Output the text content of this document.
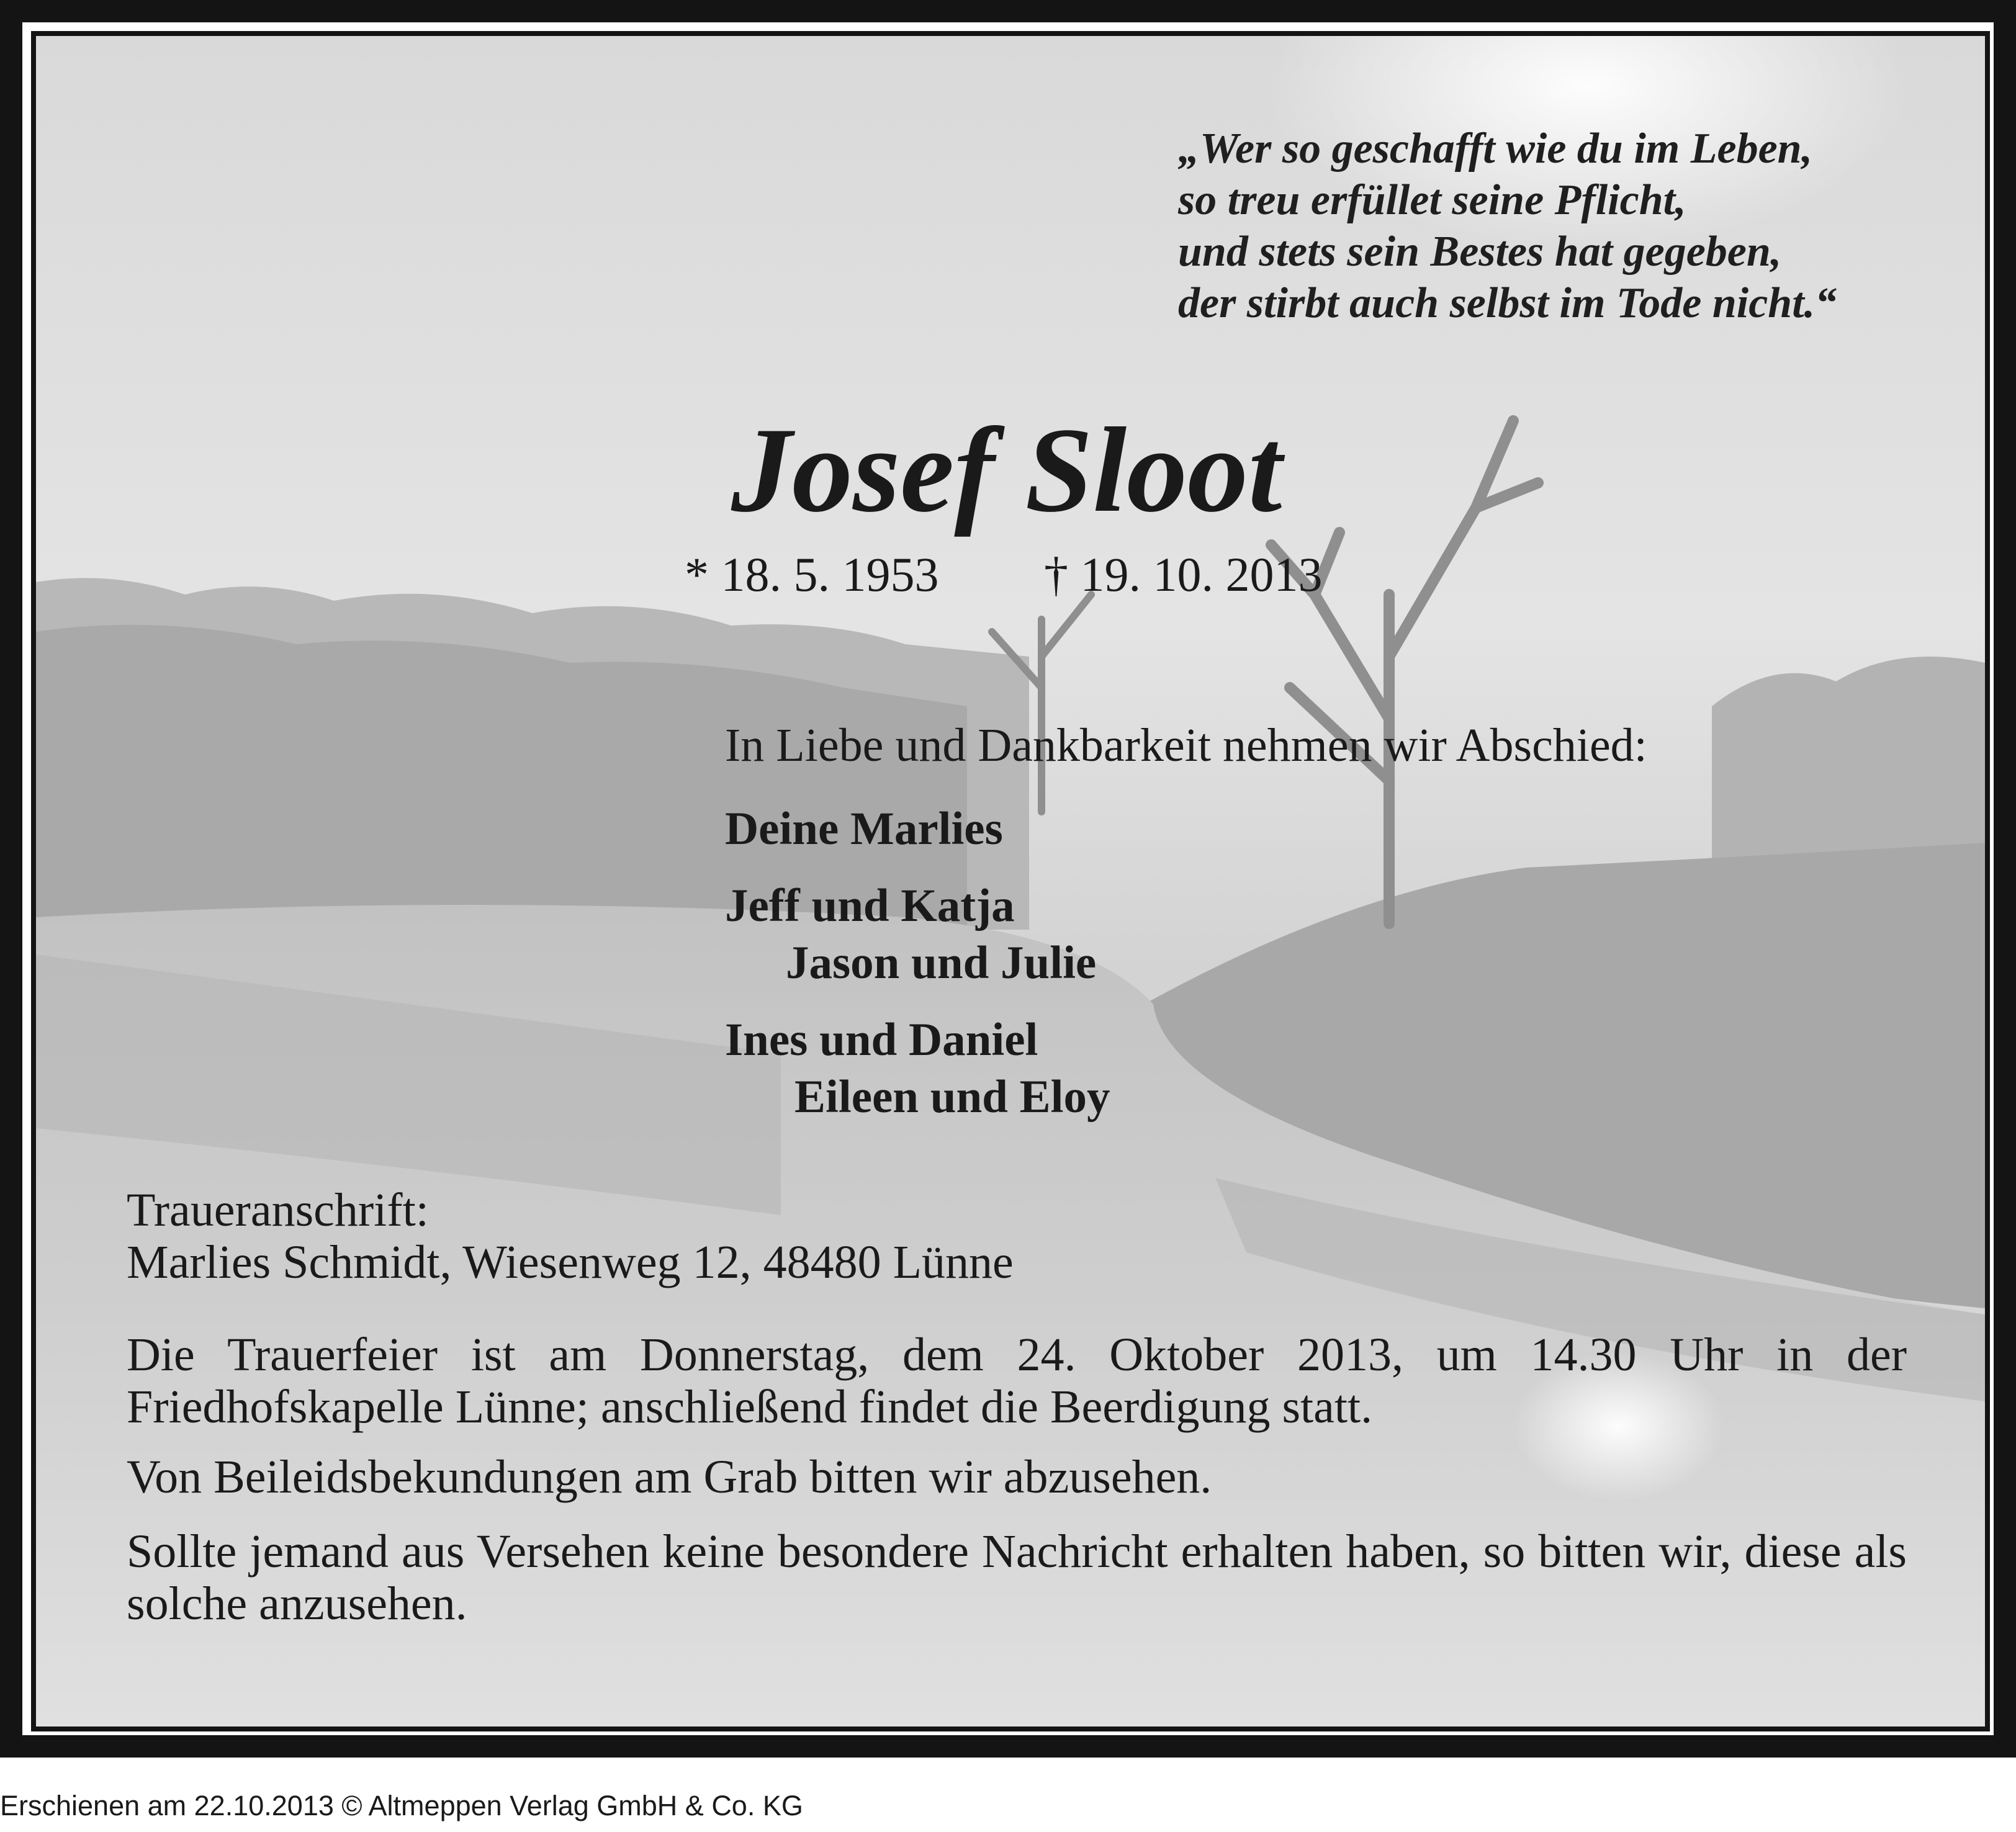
„Wer so geschafft wie du im Leben,
so treu erfüllet seine Pflicht,
und stets sein Bestes hat gegeben,
der stirbt auch selbst im Tode nicht.“
Josef Sloot
* 18. 5. 1953 † 19. 10. 2013
In Liebe und Dankbarkeit nehmen wir Abschied:
Deine Marlies
Jeff und Katja
Jason und Julie
Ines und Daniel
Eileen und Eloy
Traueranschrift:
Marlies Schmidt, Wiesenweg 12, 48480 Lünne
Die Trauerfeier ist am Donnerstag, dem 24. Oktober 2013, um 14.30 Uhr in der Friedhofskapelle Lünne; anschließend findet die Beerdigung statt.
Von Beileidsbekundungen am Grab bitten wir abzusehen.
Sollte jemand aus Versehen keine besondere Nachricht erhalten haben, so bitten wir, diese als solche anzusehen.
Erschienen am 22.10.2013 © Altmeppen Verlag GmbH & Co. KG
